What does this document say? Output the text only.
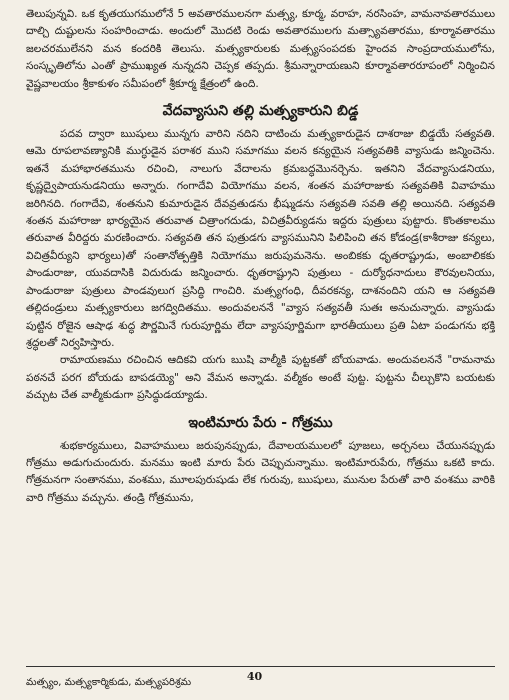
తెలుపున్నవి. ఒక కృతయుగములోనే 5 అవతారములనగా మత్స్య, కూర్మ, వరాహ, నరసింహ, వామనావతారములు దాల్చి దుష్టులను సంహరించాడు. అందులో మొదటి రెండు అవతారములగు మత్స్యావతారము, కూర్మావతారము జలచరములేనని మన కందరికి తెలుసు. మత్స్యకారులకు మత్స్యసంపదకు హైందవ సాంప్రదాయములోను, సంస్కృతిలోను ఎంతో ప్రాముఖ్యత నున్నదని చెప్పక తప్పదు. శ్రీమన్నారాయణుని కూర్మావతారరూపంలో నిర్మించిన వైష్ణవాలయం శ్రీకాకుళం సమీపంలో శ్రీకూర్మ క్షేత్రంలో ఉంది.

వేదవ్యాసుని తల్లి మత్స్యకారుని బిడ్డ

పదవ ద్వారా ఋషులు మున్నగు వారిని నదిని దాటించు మత్స్యకారుడైన దాశరాజు బిడ్డయే సత్యవతి. ఆమె రూపలావణ్యానికి ముగ్ధుడైన పరాశర ముని సమాగము వలన కన్యయైన సత్యవతికి వ్యాసుడు జన్మించెను. ఇతనే మహాభారతమును రచించి, నాలుగు వేదాలను క్రమబద్ధమొనర్చెను. ఇతనిని వేదవ్యాసుడనియు, కృష్ణద్వైపాయనుడనియు అన్నారు. గంగాదేవి వియోగము వలన, శంతన మహారాజుకు సత్యవతికి వివాహము జరిగినది. గంగాదేవి, శంతనుని కుమారుడైన దేవవ్రతుడను భీష్ముడను సత్యవతి సవతి తల్లి అయినది. సత్యవతి శంతన మహారాజు భార్యయైన తరువాత చిత్రాంగదుడు, విచిత్రవీర్యుడను ఇద్దరు పుత్రులు పుట్టారు. కొంతకాలము తరువాత వీరిద్దరు మరణించారు. సత్యవతి తన పుత్రుడగు వ్యాసమునిని పిలిపించి తన కోడండ్ర(కాశీరాజు కన్యలు, విచిత్రవీర్యుని భార్యలు)తో సంతానోత్పత్తికి నియోగము జరుపుమనెను. అంబికకు ధృతరాష్ట్రుడు, అంబాలికకు పాండురాజు, యువదాసికి విదురుడు జన్మించారు. ధృతరాష్ట్రుని పుత్రులు - దుర్యోధనాదులు కౌరవులనియు, పాండురాజు పుత్రులు పాండవులుగ ప్రసిద్ధి గాంచిరి. మత్స్యగంధి, దీవరకన్య, దాశనందిని యని ఆ సత్యవతి తల్లిదండ్రులు మత్స్యకారులు జగద్విదితము. అందువలననే "వ్యాస సత్యవతీ సుతః అనుచున్నారు. వ్యాసుడు పుట్టిన రోజైన ఆషాఢ శుద్ధ పౌర్ణమినే గురుపూర్ణిమ లేదా వ్యాసపూర్ణిమగా భారతీయులు ప్రతి ఏటా పండుగను భక్తి శ్రద్ధలతో నిర్వహిస్తారు.

రామాయణము రచించిన ఆదికవి యగు ఋషి వాల్మీకి పుట్టకతో బోయవాడు. అందువలననే "రామనామ పఠనచే పరగ బోయడు బాపడయ్యె" అని వేమన అన్నాడు. వల్మీకం అంటే పుట్ట. పుట్టను చీల్చుకొని బయటకు వచ్చుట చేత వాల్మీకుడుగా ప్రసిద్ధుడయ్యాడు.

ఇంటిమారు పేరు - గోత్రము

శుభకార్యములు, వివాహములు జరుపునప్పుడు, దేవాలయములలో పూజలు, అర్చనలు చేయునప్పుడు గోత్రము అడుగుచుందురు. మనము ఇంటి మారు పేరు చెప్పుచున్నాము. ఇంటిమారుపేరు, గోత్రము ఒకటి కాదు. గోత్రమనగా సంతానము, వంశము, మూలపురుషుడు లేక గురువు, ఋషులు, మునుల పేరుతో వారి వంశము వారికి వారి గోత్రము వచ్చును. తండ్రి గోత్రమును,

40
మత్స్యం, మత్స్యకార్మికుడు, మత్స్యపరిశ్రమ
